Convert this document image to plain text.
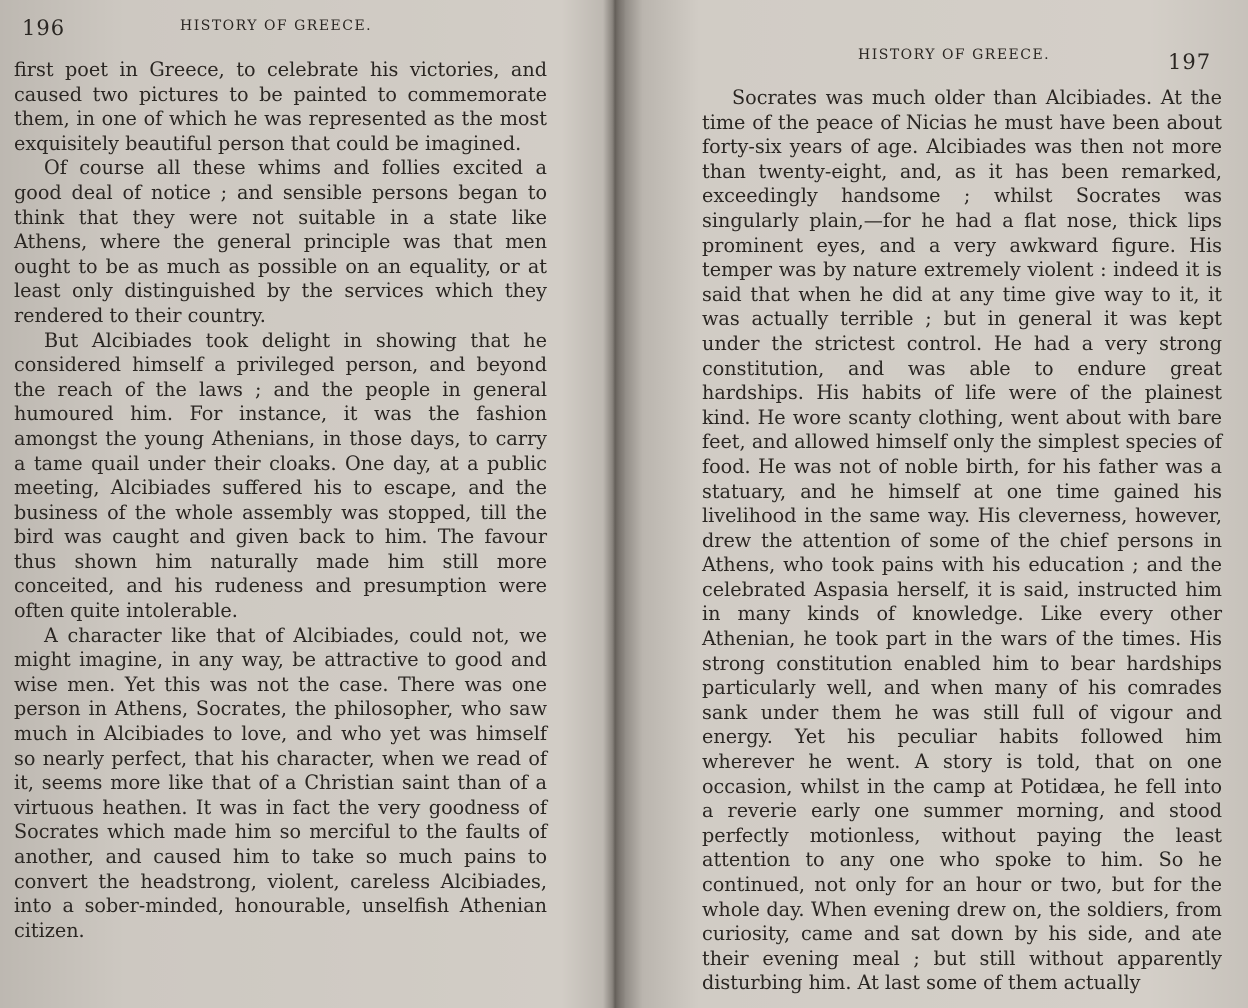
196	HISTORY OF GREECE.

first poet in Greece, to celebrate his victories, and caused two pictures to be painted to commemorate them, in one of which he was represented as the most exquisitely beautiful person that could be imagined.

Of course all these whims and follies excited a good deal of notice ; and sensible persons began to think that they were not suitable in a state like Athens, where the general principle was that men ought to be as much as possible on an equality, or at least only distinguished by the services which they rendered to their country.

But Alcibiades took delight in showing that he considered himself a privileged person, and beyond the reach of the laws ; and the people in general humoured him. For instance, it was the fashion amongst the young Athenians, in those days, to carry a tame quail under their cloaks. One day, at a public meeting, Alcibiades suffered his to escape, and the business of the whole assembly was stopped, till the bird was caught and given back to him. The favour thus shown him naturally made him still more conceited, and his rudeness and presumption were often quite intolerable.

A character like that of Alcibiades, could not, we might imagine, in any way, be attractive to good and wise men. Yet this was not the case. There was one person in Athens, Socrates, the philosopher, who saw much in Alcibiades to love, and who yet was himself so nearly perfect, that his character, when we read of it, seems more like that of a Christian saint than of a virtuous heathen. It was in fact the very goodness of Socrates which made him so merciful to the faults of another, and caused him to take so much pains to convert the headstrong, violent, careless Alcibiades, into a sober-minded, honourable, unselfish Athenian citizen.

HISTORY OF GREECE.	197

Socrates was much older than Alcibiades. At the time of the peace of Nicias he must have been about forty-six years of age. Alcibiades was then not more than twenty-eight, and, as it has been remarked, exceedingly handsome ; whilst Socrates was singularly plain,—for he had a flat nose, thick lips prominent eyes, and a very awkward figure. His temper was by nature extremely violent : indeed it is said that when he did at any time give way to it, it was actually terrible ; but in general it was kept under the strictest control. He had a very strong constitution, and was able to endure great hardships. His habits of life were of the plainest kind. He wore scanty clothing, went about with bare feet, and allowed himself only the simplest species of food. He was not of noble birth, for his father was a statuary, and he himself at one time gained his livelihood in the same way. His cleverness, however, drew the attention of some of the chief persons in Athens, who took pains with his education ; and the celebrated Aspasia herself, it is said, instructed him in many kinds of knowledge. Like every other Athenian, he took part in the wars of the times. His strong constitution enabled him to bear hardships particularly well, and when many of his comrades sank under them he was still full of vigour and energy. Yet his peculiar habits followed him wherever he went. A story is told, that on one occasion, whilst in the camp at Potidæa, he fell into a reverie early one summer morning, and stood perfectly motionless, without paying the least attention to any one who spoke to him. So he continued, not only for an hour or two, but for the whole day. When evening drew on, the soldiers, from curiosity, came and sat down by his side, and ate their evening meal ; but still without apparently disturbing him. At last some of them actually
